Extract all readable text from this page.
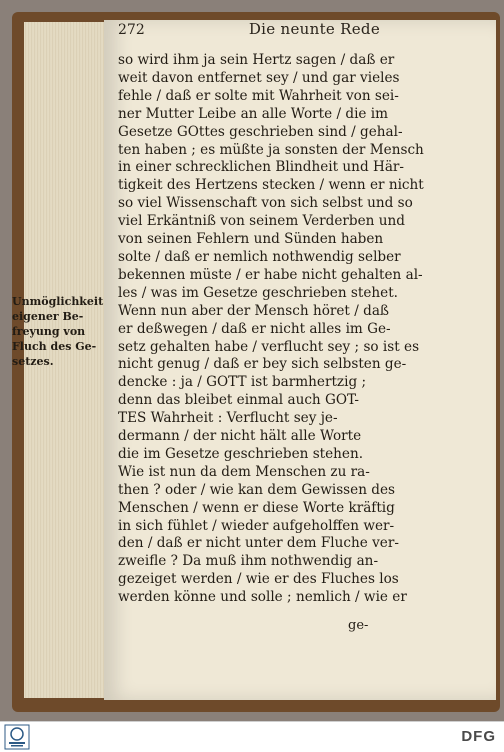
272	Die neunte Rede
Unmöglichkeit
eigener Be-
freyung von
Fluch des Ge-
setzes.
so wird ihm ja sein Hertz sagen / daß er
weit davon entfernet sey / und gar vieles
fehle / daß er solte mit Wahrheit von sei-
ner Mutter Leibe an alle Worte / die im
Gesetze GOttes geschrieben sind / gehal-
ten haben ; es müßte ja sonsten der Mensch
in einer schrecklichen Blindheit und Här-
tigkeit des Hertzens stecken / wenn er nicht
so viel Wissenschaft von sich selbst und so
viel Erkäntniß von seinem Verderben und
von seinen Fehlern und Sünden haben
solte / daß er nemlich nothwendig selber
bekennen müste / er habe nicht gehalten al-
les / was im Gesetze geschrieben stehet.
Wenn nun aber der Mensch höret / daß
er deßwegen / daß er nicht alles im Ge-
setz gehalten habe / verflucht sey ; so ist es
nicht genug / daß er bey sich selbsten ge-
dencke : ja / GOTT ist barmhertzig ;
denn das bleibet einmal auch GOT-
TES Wahrheit : Verflucht sey je-
dermann / der nicht hält alle Worte
die im Gesetze geschrieben stehen.
Wie ist nun da dem Menschen zu ra-
then ? oder / wie kan dem Gewissen des
Menschen / wenn er diese Worte kräftig
in sich fühlet / wieder aufgeholffen wer-
den / daß er nicht unter dem Fluche ver-
zweifle ? Da muß ihm nothwendig an-
gezeiget werden / wie er des Fluches los
werden könne und solle ; nemlich / wie er
ge-
DFG
